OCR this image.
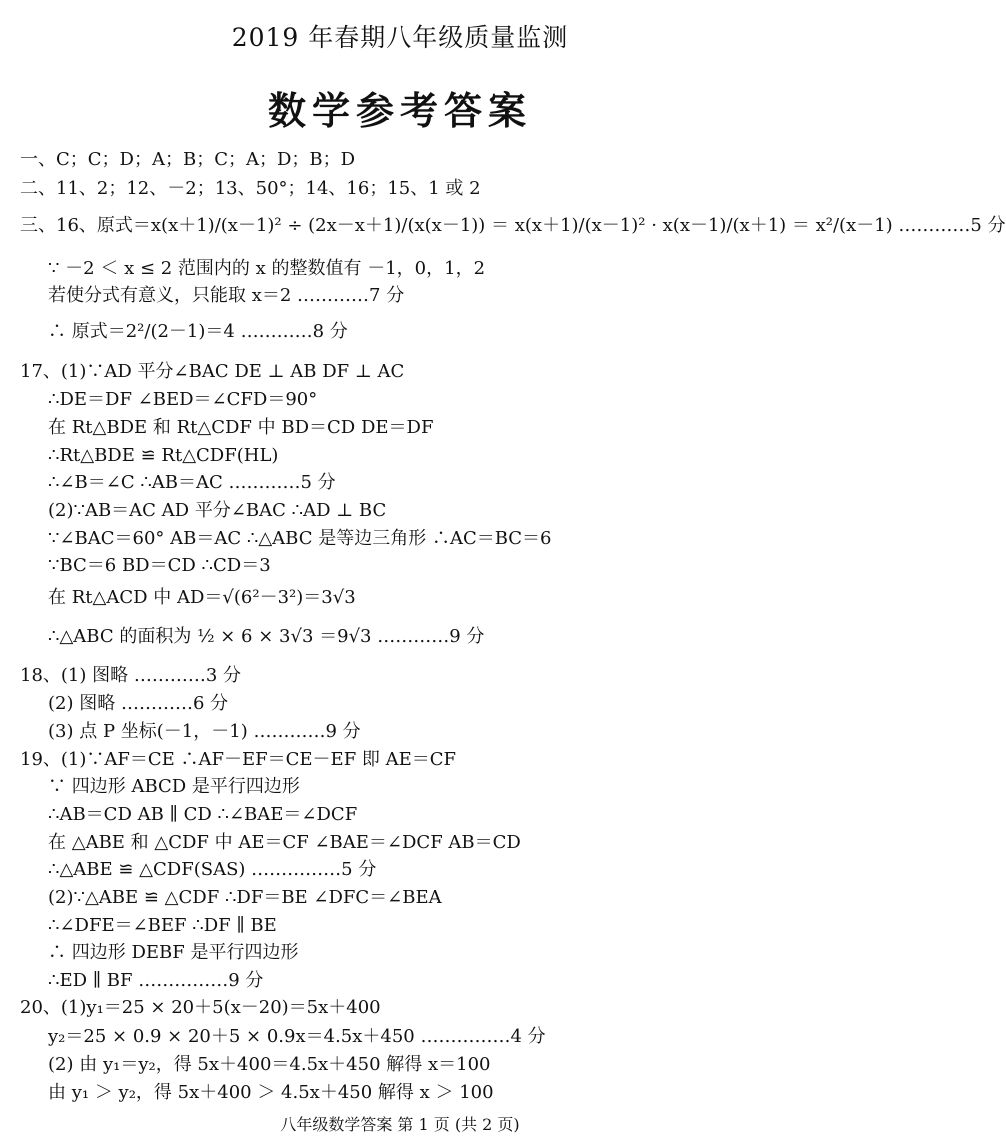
2019 年春期八年级质量监测
数学参考答案
一、C；C；D；A；B；C；A；D；B；D
二、11、2；12、－2；13、50°；14、16；15、1 或 2
三、16、原式＝x(x＋1)/(x－1)² ÷ (2x－x＋1)/(x(x－1)) ＝ x(x＋1)/(x－1)² · x(x－1)/(x＋1) ＝ x²/(x－1) …………5 分
∵ －2 ＜ x ≤ 2 范围内的 x 的整数值有 －1，0，1，2
若使分式有意义，只能取 x＝2 …………7 分
∴ 原式＝2²/(2－1)＝4 …………8 分
17、(1)∵AD 平分∠BAC DE ⊥ AB DF ⊥ AC
∴DE＝DF ∠BED＝∠CFD＝90°
在 Rt△BDE 和 Rt△CDF 中 BD＝CD DE＝DF
∴Rt△BDE ≌ Rt△CDF(HL)
∴∠B＝∠C ∴AB＝AC …………5 分
(2)∵AB＝AC AD 平分∠BAC ∴AD ⊥ BC
∵∠BAC＝60° AB＝AC ∴△ABC 是等边三角形 ∴AC＝BC＝6
∵BC＝6 BD＝CD ∴CD＝3
在 Rt△ACD 中 AD＝√(6²－3²)＝3√3
∴△ABC 的面积为 ½ × 6 × 3√3 ＝9√3 …………9 分
18、(1) 图略 …………3 分
(2) 图略 …………6 分
(3) 点 P 坐标(－1，－1) …………9 分
19、(1)∵AF＝CE ∴AF－EF＝CE－EF 即 AE＝CF
∵ 四边形 ABCD 是平行四边形
∴AB＝CD AB ∥ CD ∴∠BAE＝∠DCF
在 △ABE 和 △CDF 中 AE＝CF ∠BAE＝∠DCF AB＝CD
∴△ABE ≌ △CDF(SAS) ……………5 分
(2)∵△ABE ≌ △CDF ∴DF＝BE ∠DFC＝∠BEA
∴∠DFE＝∠BEF ∴DF ∥ BE
∴ 四边形 DEBF 是平行四边形
∴ED ∥ BF ……………9 分
20、(1)y₁＝25 × 20＋5(x－20)＝5x＋400
y₂＝25 × 0.9 × 20＋5 × 0.9x＝4.5x＋450 ……………4 分
(2) 由 y₁＝y₂，得 5x＋400＝4.5x＋450 解得 x＝100
由 y₁ ＞ y₂，得 5x＋400 ＞ 4.5x＋450 解得 x ＞ 100
八年级数学答案 第 1 页 (共 2 页)
